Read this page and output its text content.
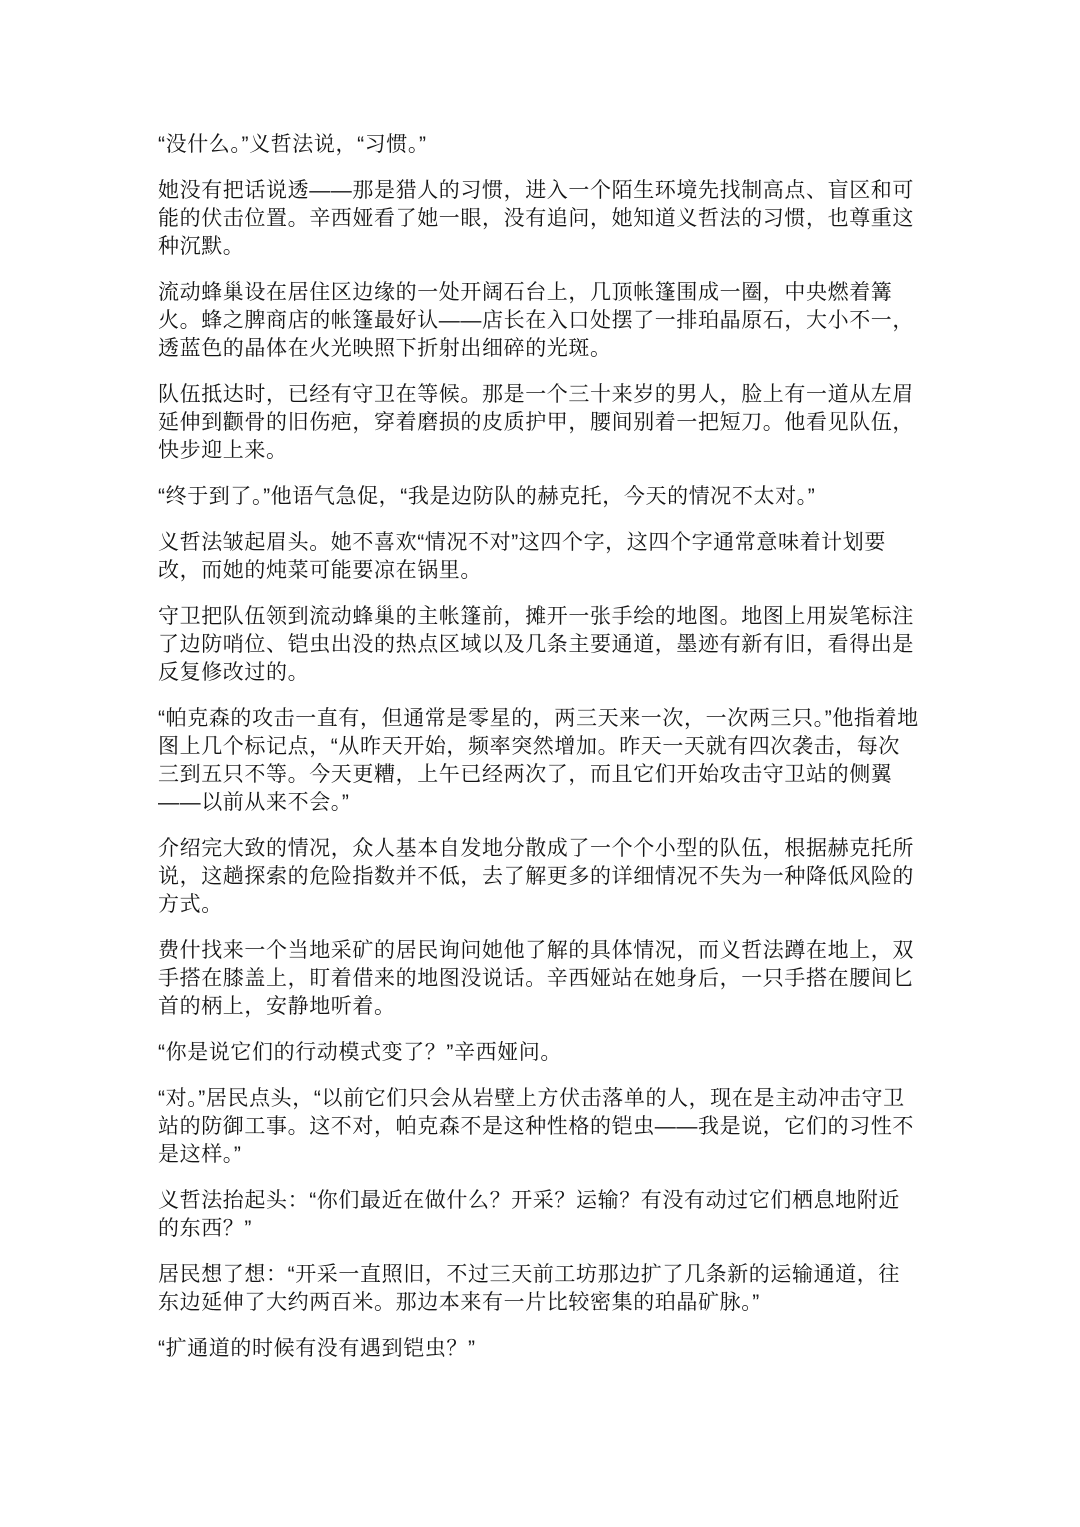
“没什么。”义哲法说，“习惯。”

她没有把话说透——那是猎人的习惯，进入一个陌生环境先找制高点、盲区和可能的伏击位置。辛西娅看了她一眼，没有追问，她知道义哲法的习惯，也尊重这种沉默。

流动蜂巢设在居住区边缘的一处开阔石台上，几顶帐篷围成一圈，中央燃着篝火。蜂之脾商店的帐篷最好认——店长在入口处摆了一排珀晶原石，大小不一，透蓝色的晶体在火光映照下折射出细碎的光斑。

队伍抵达时，已经有守卫在等候。那是一个三十来岁的男人，脸上有一道从左眉延伸到颧骨的旧伤疤，穿着磨损的皮质护甲，腰间别着一把短刀。他看见队伍，快步迎上来。

“终于到了。”他语气急促，“我是边防队的赫克托，今天的情况不太对。”

义哲法皱起眉头。她不喜欢“情况不对”这四个字，这四个字通常意味着计划要改，而她的炖菜可能要凉在锅里。

守卫把队伍领到流动蜂巢的主帐篷前，摊开一张手绘的地图。地图上用炭笔标注了边防哨位、铠虫出没的热点区域以及几条主要通道，墨迹有新有旧，看得出是反复修改过的。

“帕克森的攻击一直有，但通常是零星的，两三天来一次，一次两三只。”他指着地图上几个标记点，“从昨天开始，频率突然增加。昨天一天就有四次袭击，每次三到五只不等。今天更糟，上午已经两次了，而且它们开始攻击守卫站的侧翼——以前从来不会。”

介绍完大致的情况，众人基本自发地分散成了一个个小型的队伍，根据赫克托所说，这趟探索的危险指数并不低，去了解更多的详细情况不失为一种降低风险的方式。

费什找来一个当地采矿的居民询问她他了解的具体情况，而义哲法蹲在地上，双手搭在膝盖上，盯着借来的地图没说话。辛西娅站在她身后，一只手搭在腰间匕首的柄上，安静地听着。

“你是说它们的行动模式变了？”辛西娅问。

“对。”居民点头，“以前它们只会从岩壁上方伏击落单的人，现在是主动冲击守卫站的防御工事。这不对，帕克森不是这种性格的铠虫——我是说，它们的习性不是这样。”

义哲法抬起头：“你们最近在做什么？开采？运输？有没有动过它们栖息地附近的东西？”

居民想了想：“开采一直照旧，不过三天前工坊那边扩了几条新的运输通道，往东边延伸了大约两百米。那边本来有一片比较密集的珀晶矿脉。”

“扩通道的时候有没有遇到铠虫？”
